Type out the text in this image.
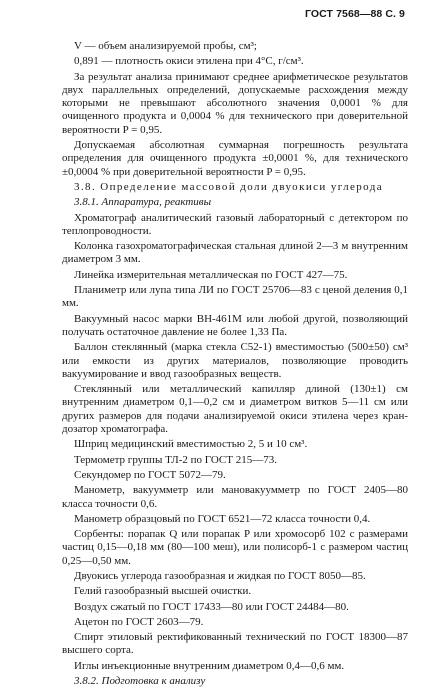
ГОСТ 7568—88 С. 9

V — объем анализируемой пробы, см³;

0,891 — плотность окиси этилена при 4°С, г/см³.

За результат анализа принимают среднее арифметическое результатов двух параллельных определений, допускаемые расхождения между которыми не превышают абсолютного значения 0,0001 % для очищенного продукта и 0,0004 % для технического при доверительной вероятности P = 0,95.

Допускаемая абсолютная суммарная погрешность результата определения для очищенного продукта ±0,0001 %, для технического ±0,0004 % при доверительной вероятности P = 0,95.

3.8. Определение массовой доли двуокиси углерода

3.8.1. Аппаратура, реактивы

Хроматограф аналитический газовый лабораторный с детектором по теплопроводности.

Колонка газохроматографическая стальная длиной 2—3 м внутренним диаметром 3 мм.

Линейка измерительная металлическая по ГОСТ 427—75.

Планиметр или лупа типа ЛИ по ГОСТ 25706—83 с ценой деления 0,1 мм.

Вакуумный насос марки ВН-461М или любой другой, позволяющий получать остаточное давление не более 1,33 Па.

Баллон стеклянный (марка стекла С52-1) вместимостью (500±50) см³ или емкости из других материалов, позволяющие проводить вакуумирование и ввод газообразных веществ.

Стеклянный или металлический капилляр длиной (130±1) см внутренним диаметром 0,1—0,2 см и диаметром витков 5—11 см или других размеров для подачи анализируемой окиси этилена через кран-дозатор хроматографа.

Шприц медицинский вместимостью 2, 5 и 10 см³.

Термометр группы ТЛ-2 по ГОСТ 215—73.

Секундомер по ГОСТ 5072—79.

Манометр, вакуумметр или мановакуумметр по ГОСТ 2405—80 класса точности 0,6.

Манометр образцовый по ГОСТ 6521—72 класса точности 0,4.

Сорбенты: порапак Q или порапак P или хромосорб 102 с размерами частиц 0,15—0,18 мм (80—100 меш), или полисорб-1 с размером частиц 0,25—0,50 мм.

Двуокись углерода газообразная и жидкая по ГОСТ 8050—85.

Гелий газообразный высшей очистки.

Воздух сжатый по ГОСТ 17433—80 или ГОСТ 24484—80.

Ацетон по ГОСТ 2603—79.

Спирт этиловый ректификованный технический по ГОСТ 18300—87 высшего сорта.

Иглы инъекционные внутренним диаметром 0,4—0,6 мм.

3.8.2. Подготовка к анализу
